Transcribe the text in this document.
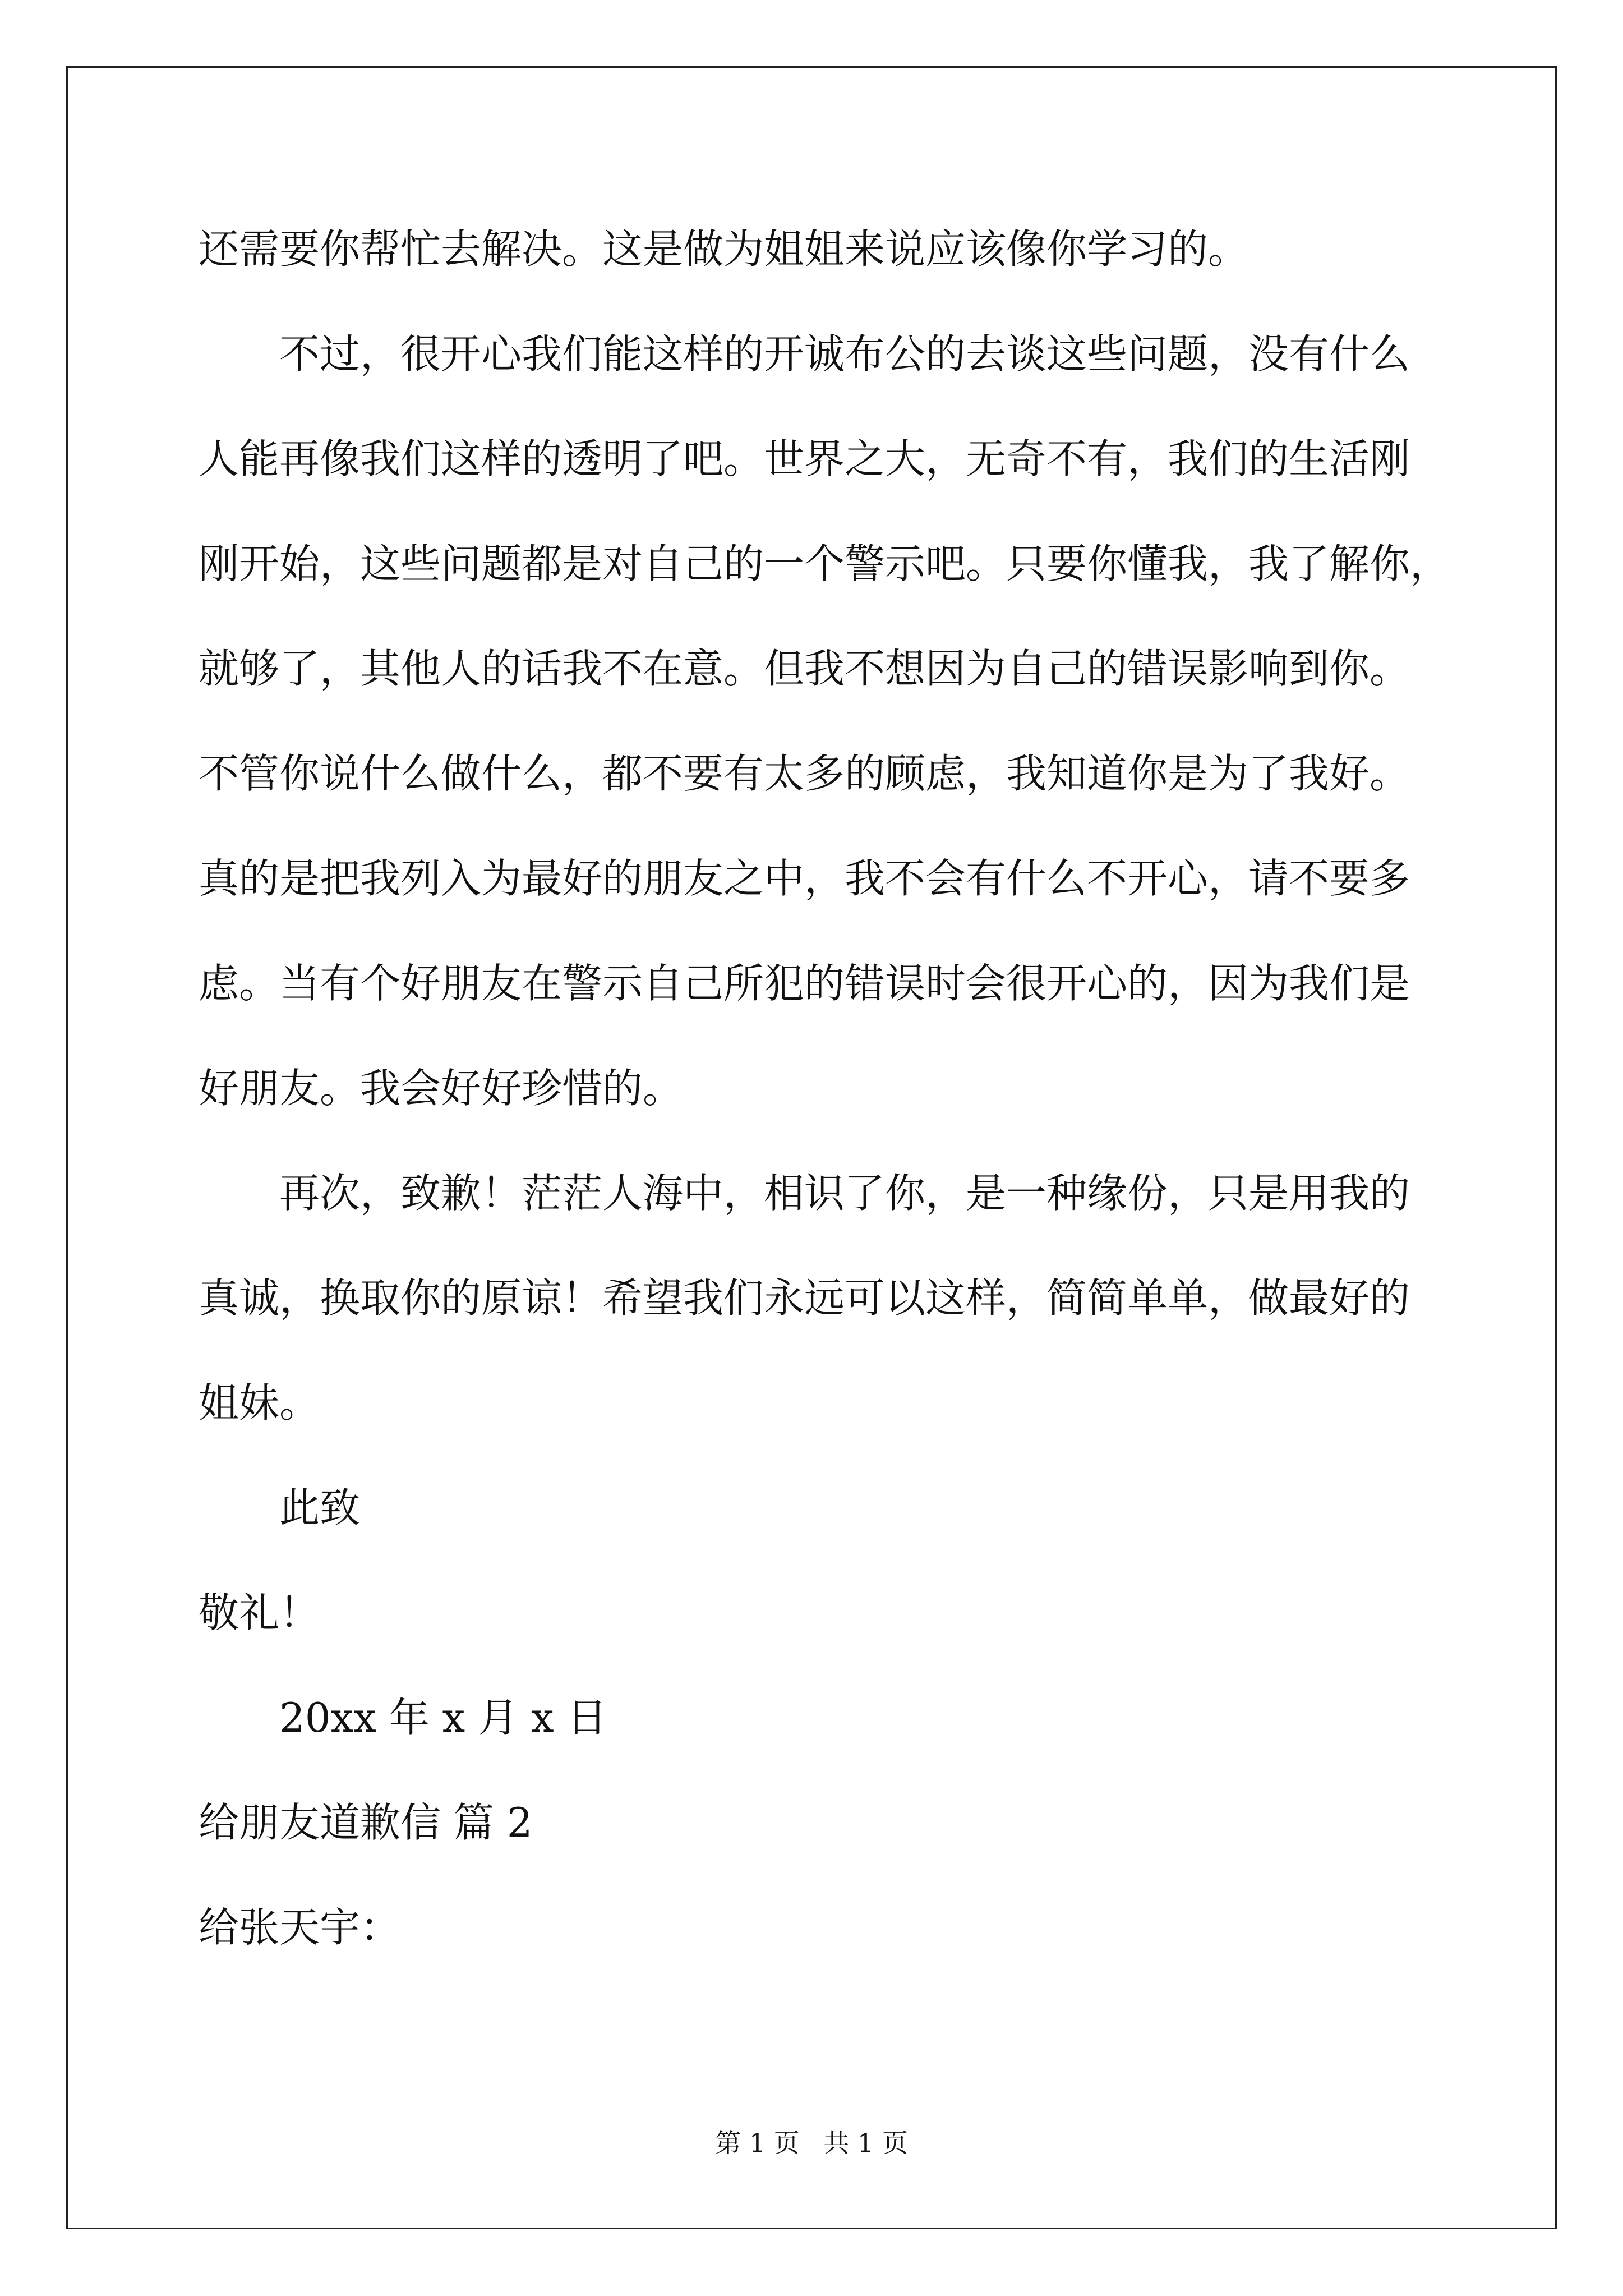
还需要你帮忙去解决。这是做为姐姐来说应该像你学习的。
不过，很开心我们能这样的开诚布公的去谈这些问题，没有什么
人能再像我们这样的透明了吧。世界之大，无奇不有，我们的生活刚
刚开始，这些问题都是对自己的一个警示吧。只要你懂我，我了解你，
就够了，其他人的话我不在意。但我不想因为自己的错误影响到你。
不管你说什么做什么，都不要有太多的顾虑，我知道你是为了我好。
真的是把我列入为最好的朋友之中，我不会有什么不开心，请不要多
虑。当有个好朋友在警示自己所犯的错误时会很开心的，因为我们是
好朋友。我会好好珍惜的。
再次，致歉！茫茫人海中，相识了你，是一种缘份，只是用我的
真诚，换取你的原谅！希望我们永远可以这样，简简单单，做最好的
姐妹。
此致
敬礼！
20xx 年 x 月 x 日
给朋友道歉信 篇 2
给张天宇：
第 1 页 共 1 页
